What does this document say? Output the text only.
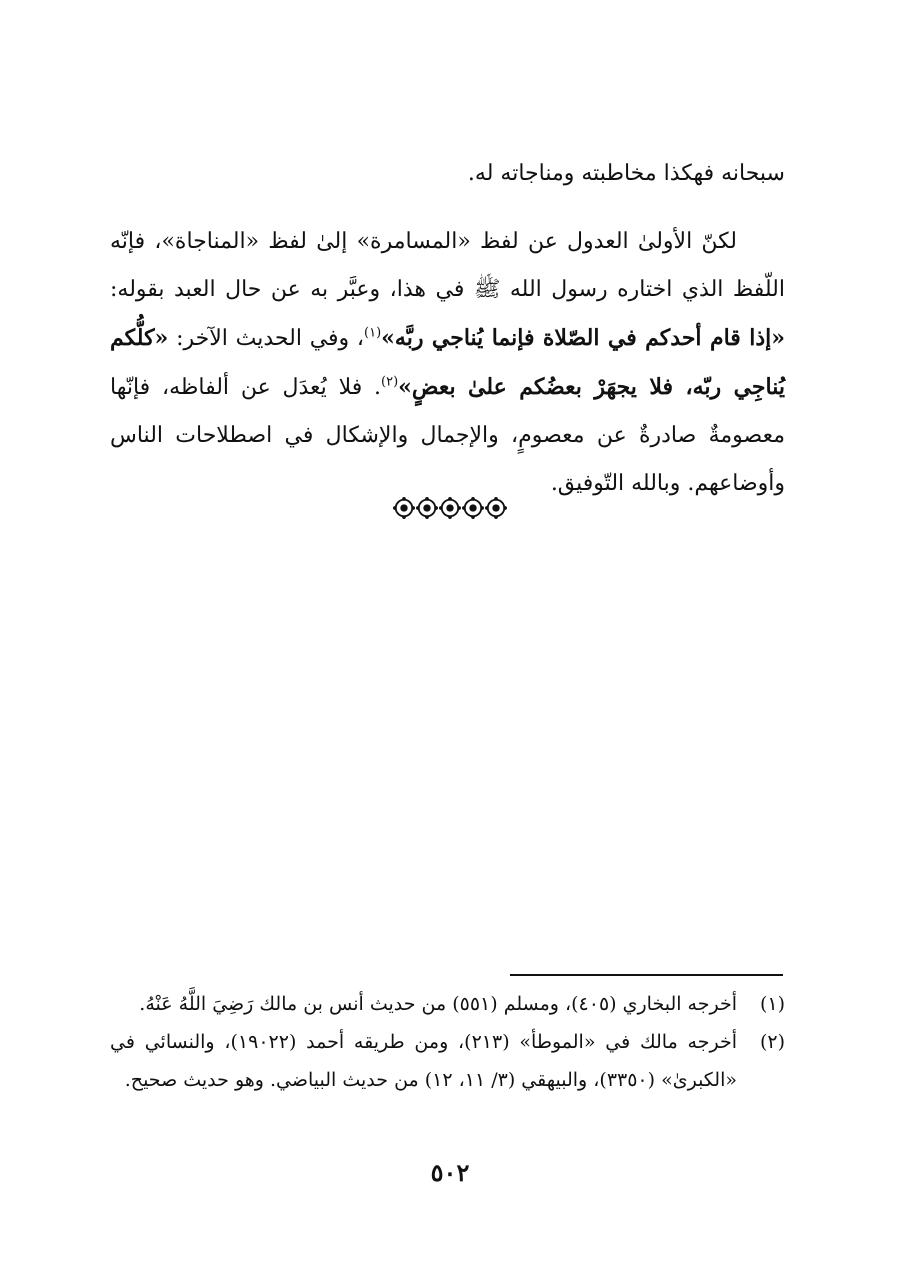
سبحانه فهكذا مخاطبته ومناجاته له.

لكنّ الأولىٰ العدول عن لفظ «المسامرة» إلىٰ لفظ «المناجاة»، فإنّه اللّفظ الذي اختاره رسول الله ﷺ في هذا، وعبَّر به عن حال العبد بقوله: «إذا قام أحدكم في الصّلاة فإنما يُناجي ربَّه»$^{(١)}$، وفي الحديث الآخر: «كلُّكم يُناجِي ربّه، فلا يجهَرْ بعضُكم علىٰ بعضٍ»$^{(٢)}$. فلا يُعدَل عن ألفاظه، فإنّها معصومةٌ صادرةٌ عن معصومٍ، والإجمال والإشكال في اصطلاحات الناس وأوضاعهم. وبالله التّوفيق.

(١)
أخرجه البخاري (٤٠٥)، ومسلم (٥٥١) من حديث أنس بن مالك رَضِيَ اللَّهُ عَنْهُ.
(٢)
أخرجه مالك في «الموطأ» (٢١٣)، ومن طريقه أحمد (١٩٠٢٢)، والنسائي في «الكبرىٰ» (٣٣٥٠)، والبيهقي (٣/ ١١، ١٢) من حديث البياضي. وهو حديث صحيح.
٥٠٢
